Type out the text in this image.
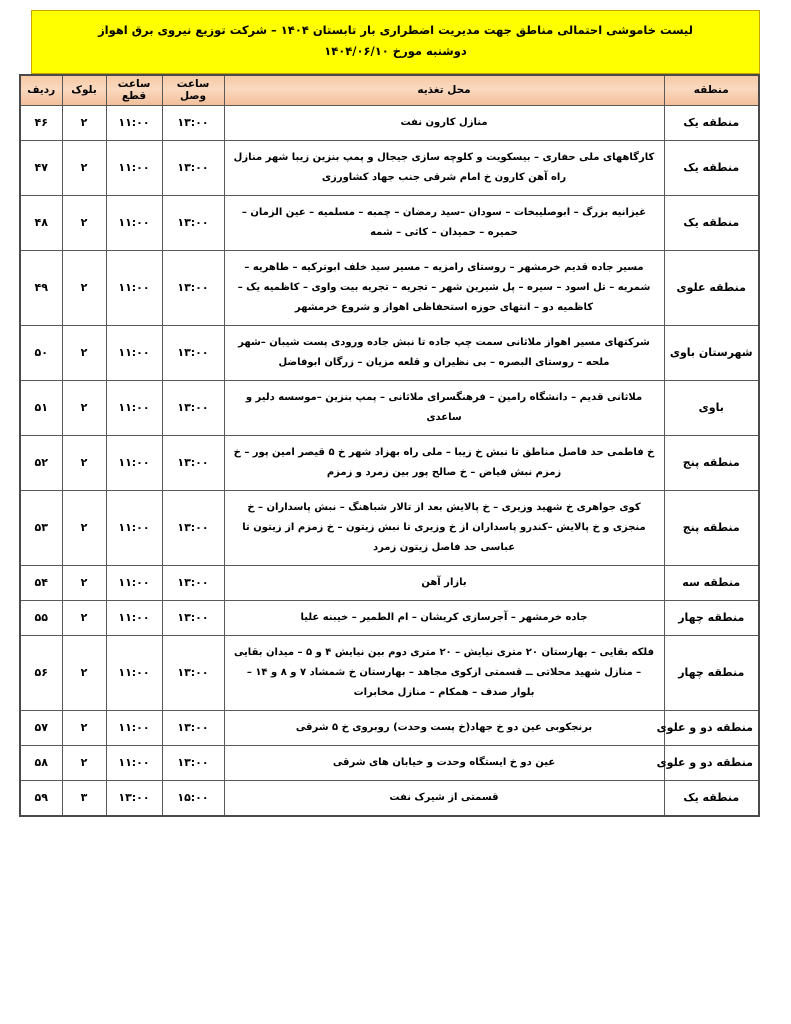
لیست خاموشی احتمالی مناطق جهت مدیریت اضطراری بار تابستان ۱۴۰۴ – شرکت توزیع نیروی برق اهواز
دوشنبه مورخ ۱۴۰۴/۰۶/۱۰
منطقه	محل تغذیه	ساعت وصل	ساعت قطع	بلوک	ردیف
منطقه یک	منازل کارون نفت	۱۳:۰۰	۱۱:۰۰	۲	۴۶
منطقه یک	کارگاههای ملی حفاری – بیسکویت و کلوچه سازی جیجال و پمپ بنزین زیبا شهر منازل راه آهن کارون خ امام شرقی جنب جهاد کشاورزی	۱۳:۰۰	۱۱:۰۰	۲	۴۷
منطقه یک	غیزانیه بزرگ – ابوصلیبخات – سودان –سید رمضان – چمبه – مسلمیه – عین الزمان – حمیره – حمیدان – کاثی – شمه	۱۳:۰۰	۱۱:۰۰	۲	۴۸
منطقه علوی	مسیر جاده قدیم خرمشهر – روستای رامزیه – مسیر سید خلف ابوترکیه – طاهریه – شمریه – تل اسود – سیره – پل شیرین شهر – تجریه – تجریه بیت واوی – کاظمیه یک – کاظمیه دو – انتهای حوزه استحفاظی اهواز و شروع خرمشهر	۱۳:۰۰	۱۱:۰۰	۲	۴۹
شهرستان باوی	شرکتهای مسیر اهواز ملاثانی سمت چپ جاده تا نبش جاده ورودی پست شیبان –شهر ملحه – روستای البصره – بی نظیران و قلعه مزیان – زرگان ابوفاضل	۱۳:۰۰	۱۱:۰۰	۲	۵۰
باوی	ملاثانی قدیم – دانشگاه رامین – فرهنگسرای ملاثانی – پمپ بنزین –موسسه دلیر و ساعدی	۱۳:۰۰	۱۱:۰۰	۲	۵۱
منطقه پنج	خ فاطمی حد فاصل مناطق تا نبش خ زیبا – ملی راه بهزاد شهر خ ۵ قیصر امین پور – خ زمزم نبش فیاض – خ صالح پور بین زمرد و زمزم	۱۳:۰۰	۱۱:۰۰	۲	۵۲
منطقه پنج	کوی جواهری خ شهید وزیری – خ پالایش بعد از تالار شباهنگ – نبش پاسداران – خ منجزی و خ پالایش –کندرو پاسداران از خ وزیری تا نبش زیتون – خ زمزم از زیتون تا عباسی حد فاصل زیتون زمرد	۱۳:۰۰	۱۱:۰۰	۲	۵۳
منطقه سه	بازار آهن	۱۳:۰۰	۱۱:۰۰	۲	۵۴
منطقه چهار	جاده خرمشهر – آجرسازی کریشان – ام الطمیر – خیبنه علیا	۱۳:۰۰	۱۱:۰۰	۲	۵۵
منطقه چهار	فلکه بقایی – بهارستان ۲۰ متری نیایش – ۲۰ متری دوم بین نیایش ۴ و ۵ – میدان بقایی – منازل شهید محلاتی ــ قسمتی ازکوی مجاهد – بهارستان خ شمشاد ۷ و ۸ و ۱۴ – بلوار صدف – همکام – منازل مخابرات	۱۳:۰۰	۱۱:۰۰	۲	۵۶
منطقه دو و علوی	برنجکوبی عین دو خ جهاد(خ پست وحدت) روبروی خ ۵ شرقی	۱۳:۰۰	۱۱:۰۰	۲	۵۷
منطقه دو و علوی	عین دو خ ایستگاه وحدت و خیابان های شرقی	۱۳:۰۰	۱۱:۰۰	۲	۵۸
منطقه یک	قسمتی از شیرک نفت	۱۵:۰۰	۱۳:۰۰	۳	۵۹
